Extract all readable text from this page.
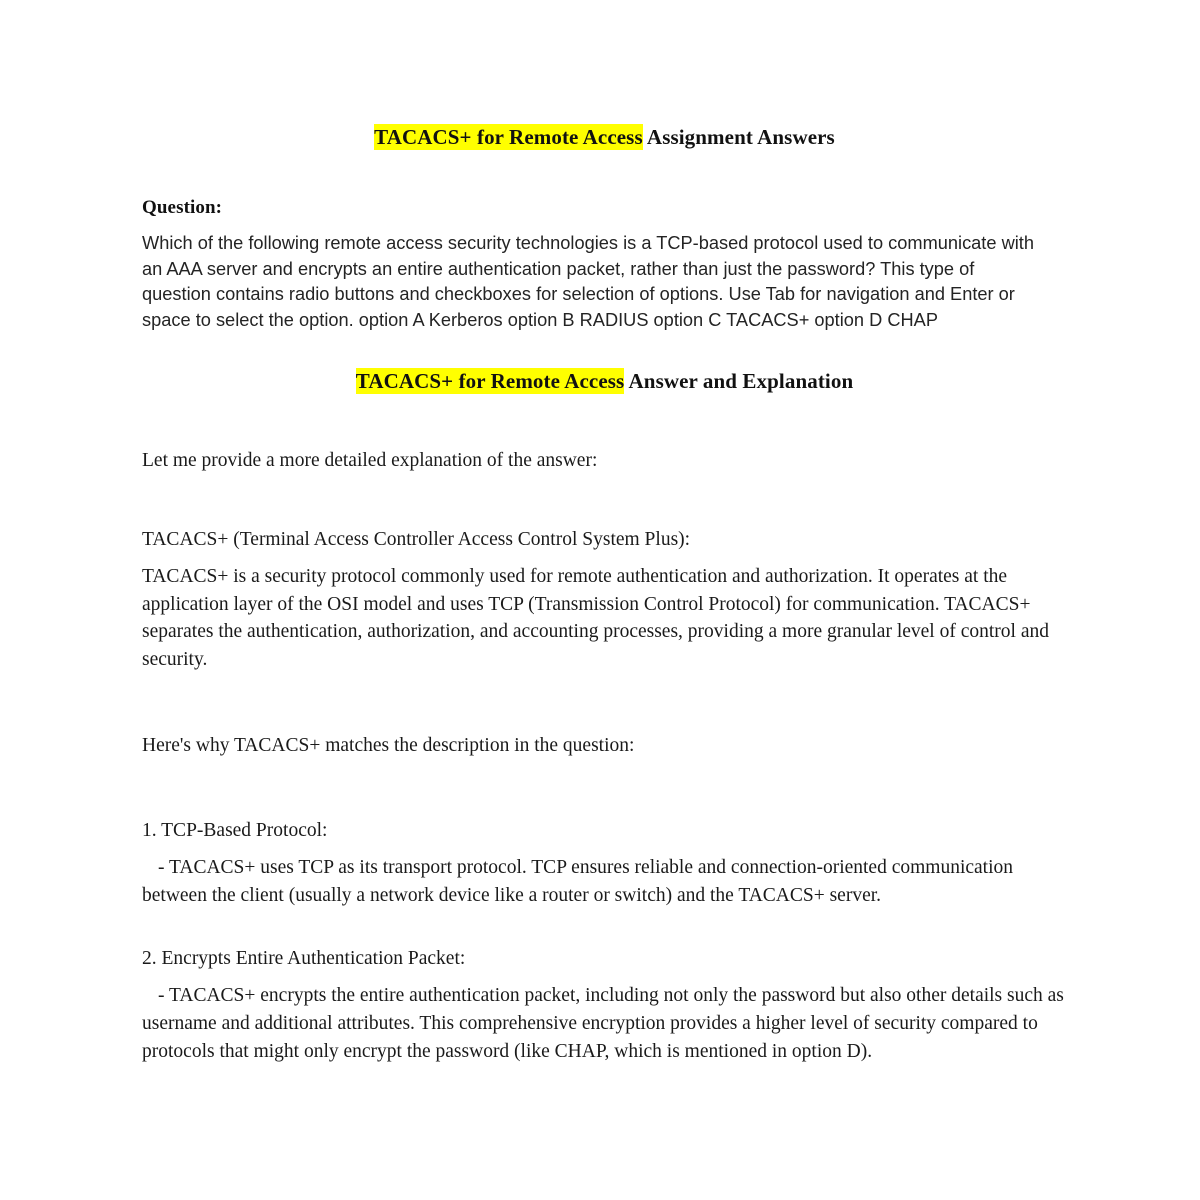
TACACS+ for Remote Access Assignment Answers

Question:

Which of the following remote access security technologies is a TCP-based protocol used to communicate with an AAA server and encrypts an entire authentication packet, rather than just the password? This type of question contains radio buttons and checkboxes for selection of options. Use Tab for navigation and Enter or space to select the option. option A Kerberos option B RADIUS option C TACACS+ option D CHAP

TACACS+ for Remote Access Answer and Explanation

Let me provide a more detailed explanation of the answer:

TACACS+ (Terminal Access Controller Access Control System Plus):

TACACS+ is a security protocol commonly used for remote authentication and authorization. It operates at the application layer of the OSI model and uses TCP (Transmission Control Protocol) for communication. TACACS+ separates the authentication, authorization, and accounting processes, providing a more granular level of control and security.

Here's why TACACS+ matches the description in the question:

1. TCP-Based Protocol:

- TACACS+ uses TCP as its transport protocol. TCP ensures reliable and connection-oriented communication between the client (usually a network device like a router or switch) and the TACACS+ server.

2. Encrypts Entire Authentication Packet:

- TACACS+ encrypts the entire authentication packet, including not only the password but also other details such as username and additional attributes. This comprehensive encryption provides a higher level of security compared to protocols that might only encrypt the password (like CHAP, which is mentioned in option D).
